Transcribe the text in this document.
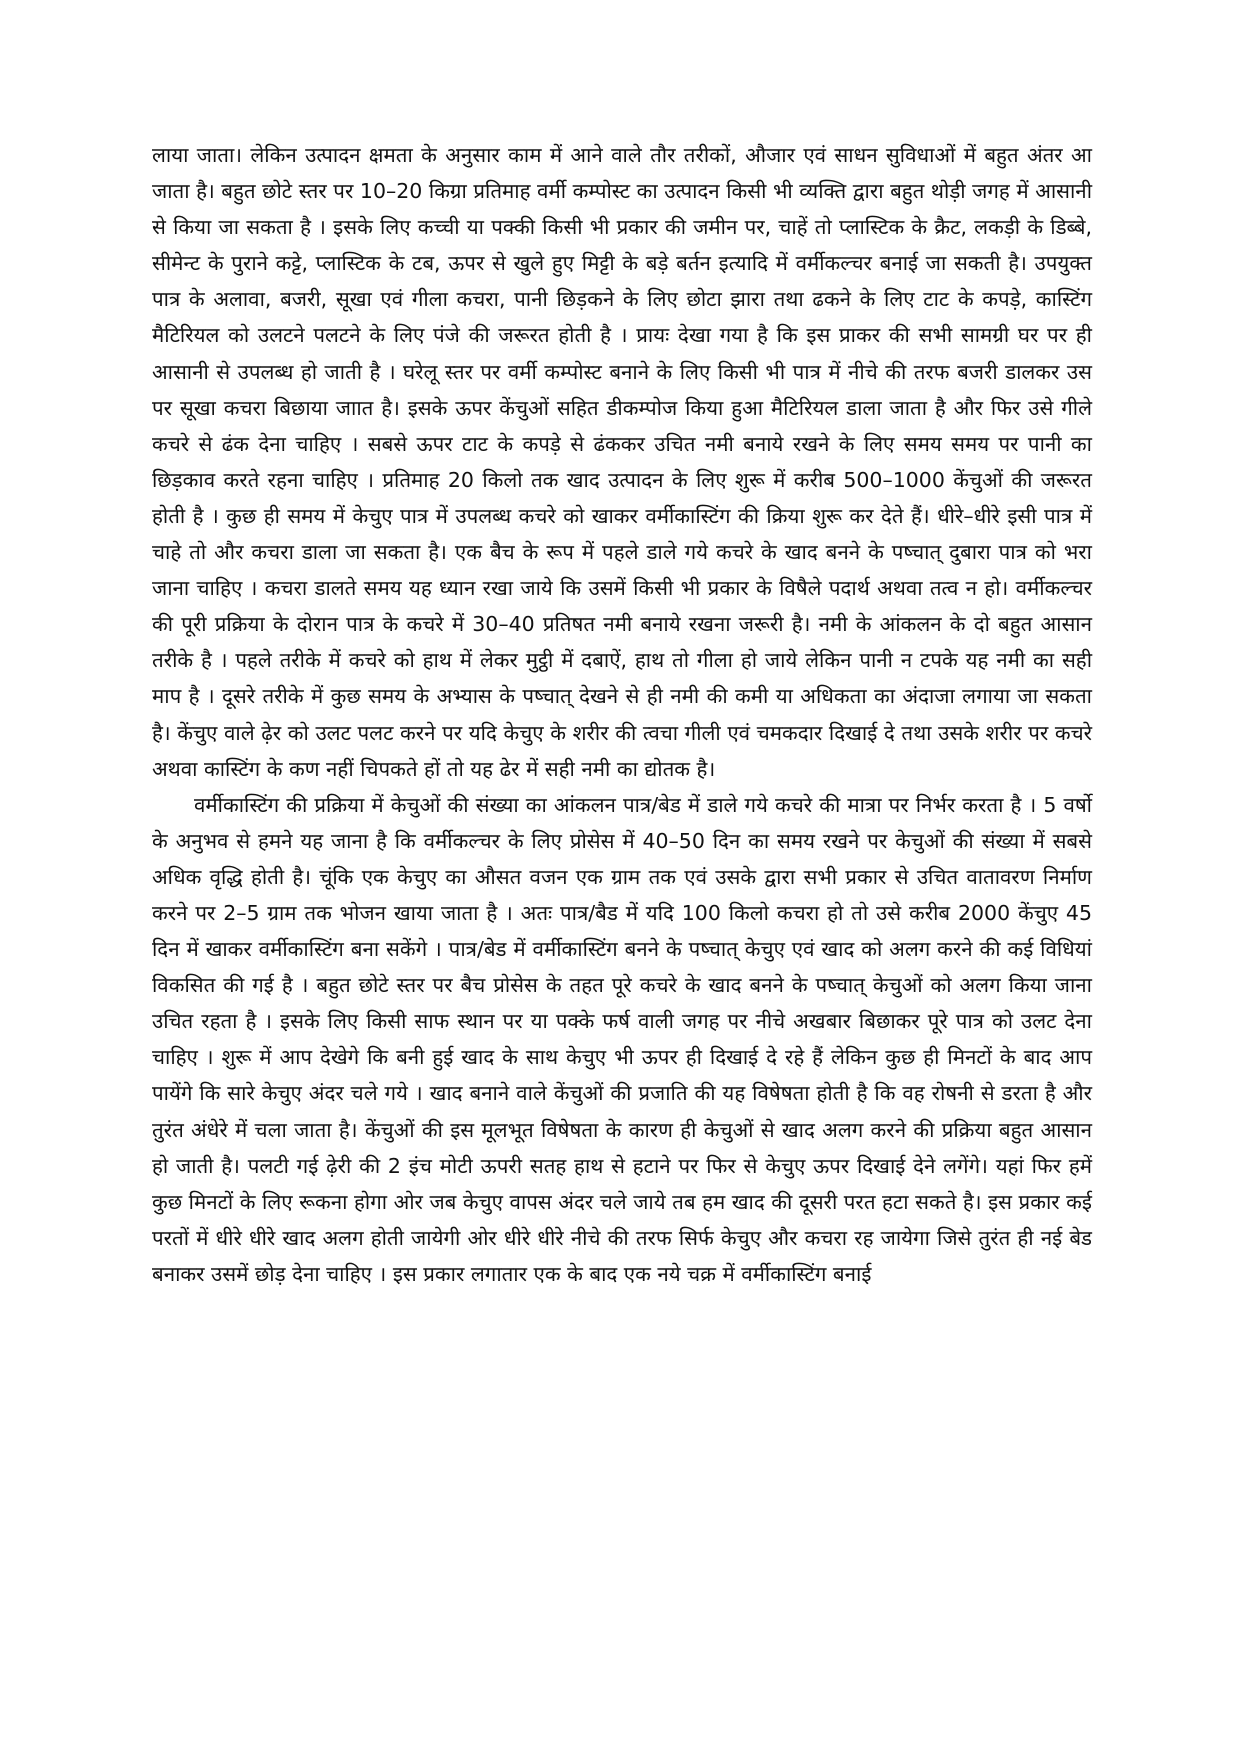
लाया जाता। लेकिन उत्पादन क्षमता के अनुसार काम में आने वाले तौर तरीकों, औजार एवं साधन सुविधाओं में बहुत अंतर आ जाता है। बहुत छोटे स्तर पर 10–20 किग्रा प्रतिमाह वर्मी कम्पोस्ट का उत्पादन किसी भी व्यक्ति द्वारा बहुत थोड़ी जगह में आसानी से किया जा सकता है । इसके लिए कच्ची या पक्की किसी भी प्रकार की जमीन पर, चाहें तो प्लास्टिक के क्रैट, लकड़ी के डिब्बे, सीमेन्ट के पुराने कट्टे, प्लास्टिक के टब, ऊपर से खुले हुए मिट्टी के बड़े बर्तन इत्यादि में वर्मीकल्चर बनाई जा सकती है। उपयुक्त पात्र के अलावा, बजरी, सूखा एवं गीला कचरा, पानी छिड़कने के लिए छोटा झारा तथा ढकने के लिए टाट के कपड़े, कास्टिंग मैटिरियल को उलटने पलटने के लिए पंजे की जरूरत होती है । प्रायः देखा गया है कि इस प्राकर की सभी सामग्री घर पर ही आसानी से उपलब्ध हो जाती है । घरेलू स्तर पर वर्मी कम्पोस्ट बनाने के लिए किसी भी पात्र में नीचे की तरफ बजरी डालकर उस पर सूखा कचरा बिछाया जाात है। इसके ऊपर केंचुओं सहित डीकम्पोज किया हुआ मैटिरियल डाला जाता है और फिर उसे गीले कचरे से ढंक देना चाहिए । सबसे ऊपर टाट के कपड़े से ढंककर उचित नमी बनाये रखने के लिए समय समय पर पानी का छिड़काव करते रहना चाहिए । प्रतिमाह 20 किलो तक खाद उत्पादन के लिए शुरू में करीब 500–1000 केंचुओं की जरूरत होती है । कुछ ही समय में केचुए पात्र में उपलब्ध कचरे को खाकर वर्मीकास्टिंग की क्रिया शुरू कर देते हैं। धीरे–धीरे इसी पात्र में चाहे तो और कचरा डाला जा सकता है। एक बैच के रूप में पहले डाले गये कचरे के खाद बनने के पष्चात् दुबारा पात्र को भरा जाना चाहिए । कचरा डालते समय यह ध्यान रखा जाये कि उसमें किसी भी प्रकार के विषैले पदार्थ अथवा तत्व न हो। वर्मीकल्चर की पूरी प्रक्रिया के दोरान पात्र के कचरे में 30–40 प्रतिषत नमी बनाये रखना जरूरी है। नमी के आंकलन के दो बहुत आसान तरीके है । पहले तरीके में कचरे को हाथ में लेकर मुट्ठी में दबाऐं, हाथ तो गीला हो जाये लेकिन पानी न टपके यह नमी का सही माप है । दूसरे तरीके में कुछ समय के अभ्यास के पष्चात् देखने से ही नमी की कमी या अधिकता का अंदाजा लगाया जा सकता है। केंचुए वाले ढ़ेर को उलट पलट करने पर यदि केचुए के शरीर की त्वचा गीली एवं चमकदार दिखाई दे तथा उसके शरीर पर कचरे अथवा कास्टिंग के कण नहीं चिपकते हों तो यह ढेर में सही नमी का द्योतक है।

वर्मीकास्टिंग की प्रक्रिया में केचुओं की संख्या का आंकलन पात्र/बेड में डाले गये कचरे की मात्रा पर निर्भर करता है । 5 वर्षो के अनुभव से हमने यह जाना है कि वर्मीकल्चर के लिए प्रोसेस में 40–50 दिन का समय रखने पर केचुओं की संख्या में सबसे अधिक वृद्धि होती है। चूंकि एक केचुए का औसत वजन एक ग्राम तक एवं उसके द्वारा सभी प्रकार से उचित वातावरण निर्माण करने पर 2–5 ग्राम तक भोजन खाया जाता है । अतः पात्र/बैड में यदि 100 किलो कचरा हो तो उसे करीब 2000 केंचुए 45 दिन में खाकर वर्मीकास्टिंग बना सकेंगे । पात्र/बेड में वर्मीकास्टिंग बनने के पष्चात् केचुए एवं खाद को अलग करने की कई विधियां विकसित की गई है । बहुत छोटे स्तर पर बैच प्रोसेस के तहत पूरे कचरे के खाद बनने के पष्चात् केचुओं को अलग किया जाना उचित रहता है । इसके लिए किसी साफ स्थान पर या पक्के फर्ष वाली जगह पर नीचे अखबार बिछाकर पूरे पात्र को उलट देना चाहिए । शुरू में आप देखेगे कि बनी हुई खाद के साथ केचुए भी ऊपर ही दिखाई दे रहे हैं लेकिन कुछ ही मिनटों के बाद आप पायेंगे कि सारे केचुए अंदर चले गये । खाद बनाने वाले केंचुओं की प्रजाति की यह विषेषता होती है कि वह रोषनी से डरता है और तुरंत अंधेरे में चला जाता है। केंचुओं की इस मूलभूत विषेषता के कारण ही केचुओं से खाद अलग करने की प्रक्रिया बहुत आसान हो जाती है। पलटी गई ढ़ेरी की 2 इंच मोटी ऊपरी सतह हाथ से हटाने पर फिर से केचुए ऊपर दिखाई देने लगेंगे। यहां फिर हमें कुछ मिनटों के लिए रूकना होगा ओर जब केचुए वापस अंदर चले जाये तब हम खाद की दूसरी परत हटा सकते है। इस प्रकार कई परतों में धीरे धीरे खाद अलग होती जायेगी ओर धीरे धीरे नीचे की तरफ सिर्फ केचुए और कचरा रह जायेगा जिसे तुरंत ही नई बेड बनाकर उसमें छोड़ देना चाहिए । इस प्रकार लगातार एक के बाद एक नये चक्र में वर्मीकास्टिंग बनाई
